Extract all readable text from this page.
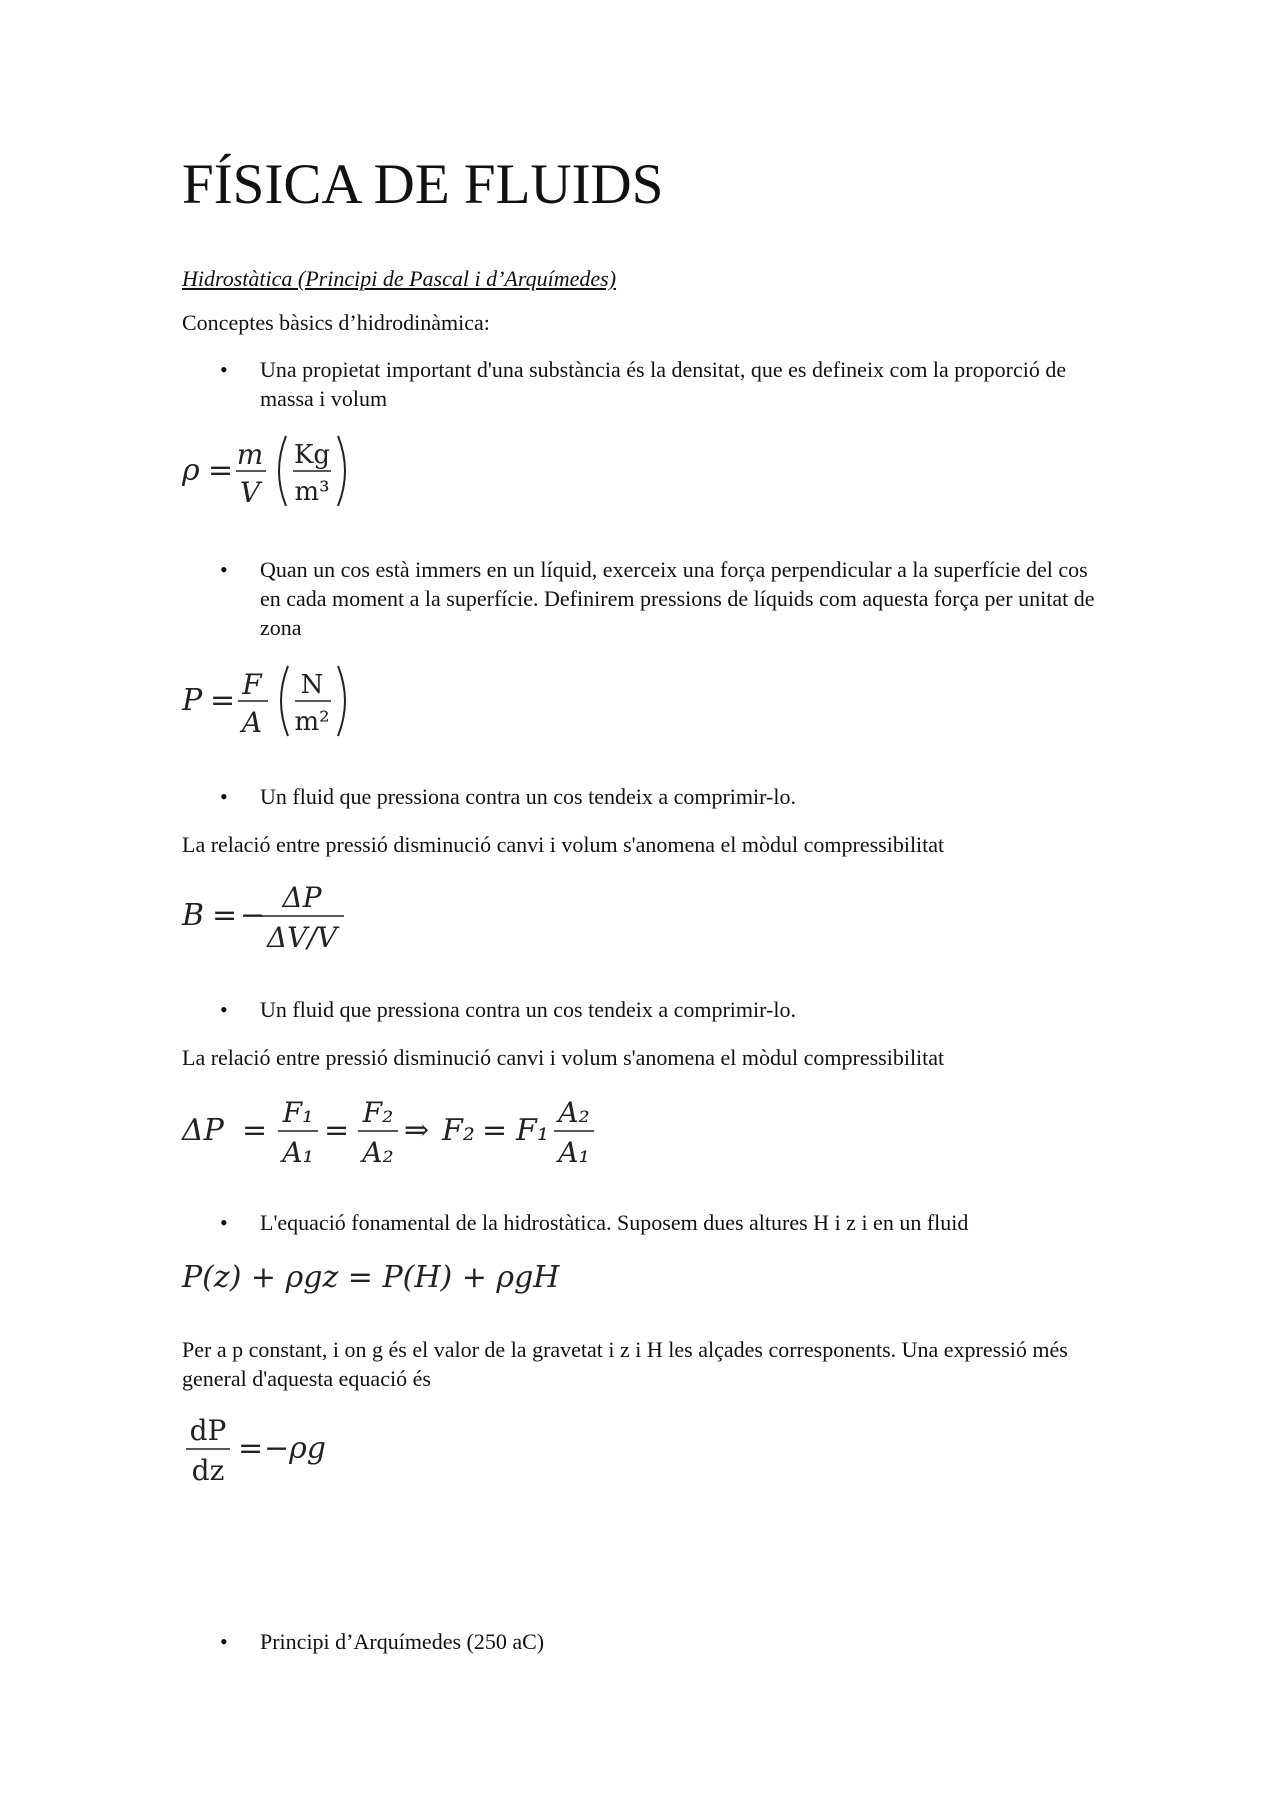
FÍSICA DE FLUIDS
Hidrostàtica (Principi de Pascal i d’Arquímedes)
Conceptes bàsics d’hidrodinàmica:
• Una propietat important d'una substància és la densitat, que es defineix com la proporció de massa i volum
ρ = m
V
Kg
m³
• Quan un cos està immers en un líquid, exerceix una força perpendicular a la superfície del cos en cada moment a la superfície. Definirem pressions de líquids com aquesta força per unitat de zona
P = F
A
N
m²
• Un fluid que pressiona contra un cos tendeix a comprimir-lo.
La relació entre pressió disminució canvi i volum s'anomena el mòdul compressibilitat
B = −
ΔP
ΔV/V
• Un fluid que pressiona contra un cos tendeix a comprimir-lo.
La relació entre pressió disminució canvi i volum s'anomena el mòdul compressibilitat
ΔP =
F₁
A₁
=
F₂
A₂
⇒ F₂ = F₁
A₂
A₁
• L'equació fonamental de la hidrostàtica. Suposem dues altures H i z i en un fluid
P(z) + ρgz = P(H) + ρgH
Per a p constant, i on g és el valor de la gravetat i z i H les alçades corresponents. Una expressió més general d'aquesta equació és
dP
dz
= −ρg
• Principi d’Arquímedes (250 aC)
